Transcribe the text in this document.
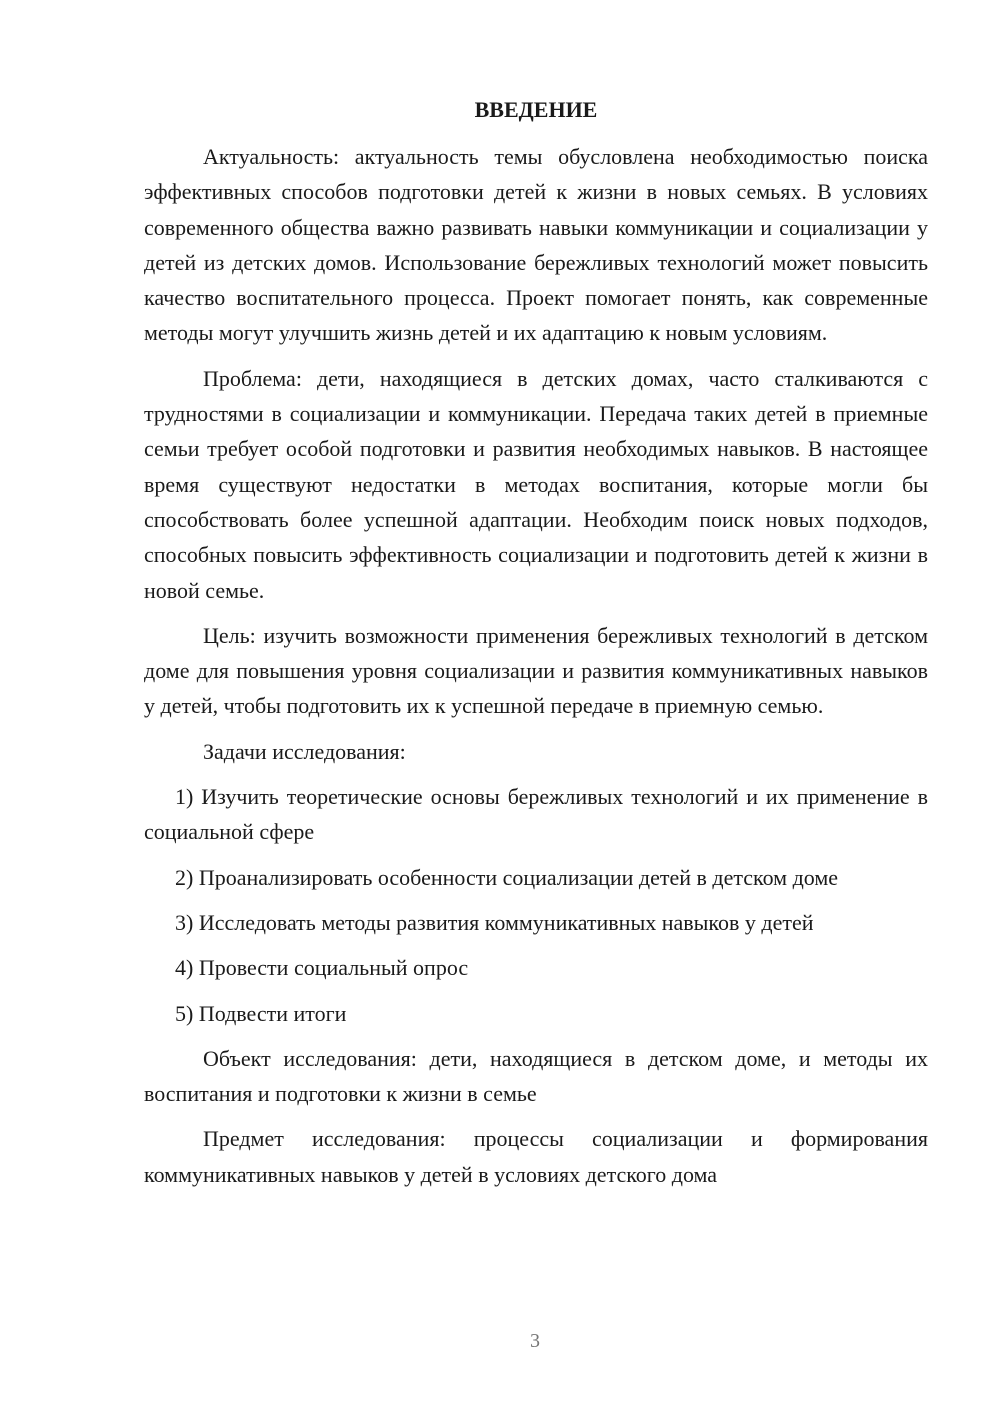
ВВЕДЕНИЕ

Актуальность: актуальность темы обусловлена необходимостью поиска эффективных способов подготовки детей к жизни в новых семьях. В условиях современного общества важно развивать навыки коммуникации и социализации у детей из детских домов. Использование бережливых технологий может повысить качество воспитательного процесса. Проект помогает понять, как современные методы могут улучшить жизнь детей и их адаптацию к новым условиям.

Проблема: дети, находящиеся в детских домах, часто сталкиваются с трудностями в социализации и коммуникации. Передача таких детей в приемные семьи требует особой подготовки и развития необходимых навыков. В настоящее время существуют недостатки в методах воспитания, которые могли бы способствовать более успешной адаптации. Необходим поиск новых подходов, способных повысить эффективность социализации и подготовить детей к жизни в новой семье.

Цель: изучить возможности применения бережливых технологий в детском доме для повышения уровня социализации и развития коммуникативных навыков у детей, чтобы подготовить их к успешной передаче в приемную семью.

Задачи исследования:

1) Изучить теоретические основы бережливых технологий и их применение в социальной сфере

2) Проанализировать особенности социализации детей в детском доме

3) Исследовать методы развития коммуникативных навыков у детей

4) Провести социальный опрос

5) Подвести итоги

Объект исследования: дети, находящиеся в детском доме, и методы их воспитания и подготовки к жизни в семье

Предмет исследования: процессы социализации и формирования коммуникативных навыков у детей в условиях детского дома

3
